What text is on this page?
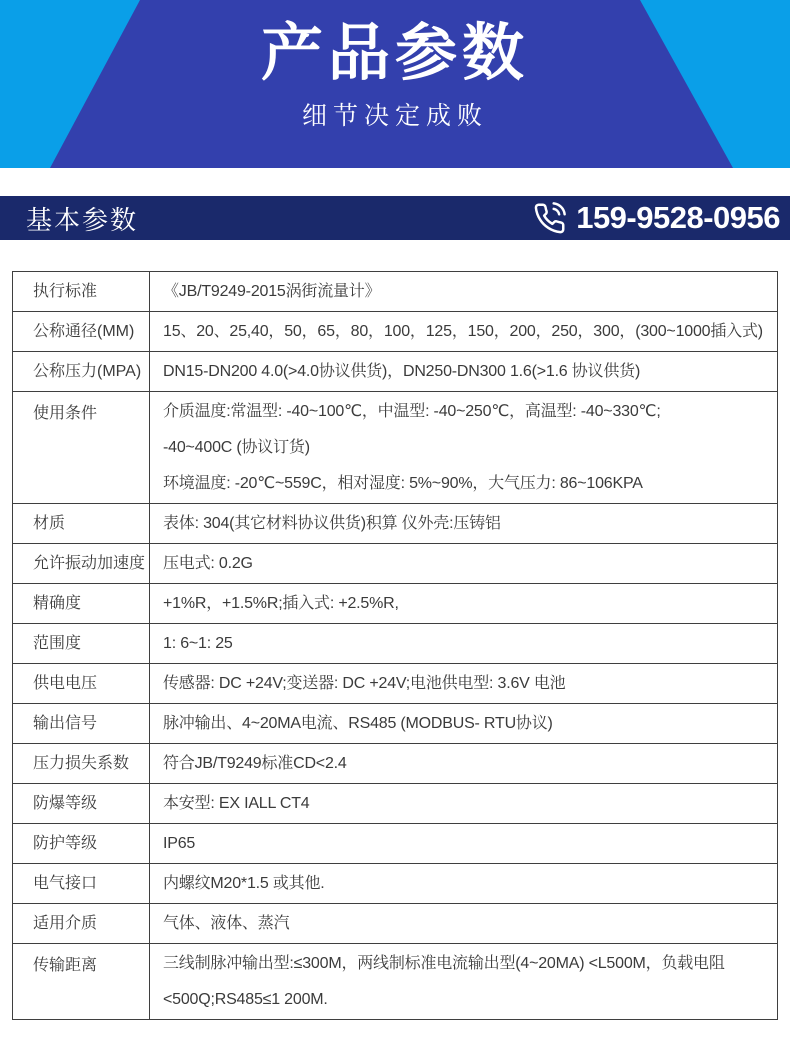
产品参数
细节决定成败
基本参数	159-9528-0956
执行标准	《JB/T9249-2015涡街流量计》

公称通径(MM)	15、20、25,40，50，65，80，100，125，150，200，250，300，(300~1000插入式)

公称压力(MPA)	DN15-DN200 4.0(>4.0协议供货)，DN250-DN300 1.6(>1.6 协议供货)

使用条件	介质温度:常温型: -40~100℃，中温型: -40~250℃，高温型: -40~330℃;
-40~400C (协议订货)
环境温度: -20℃~559C，相对湿度: 5%~90%，大气压力: 86~106KPA

材质	表体: 304(其它材料协议供货)积算 仪外壳:压铸铝

允许振动加速度	压电式: 0.2G

精确度	+1%R，+1.5%R;插入式: +2.5%R,

范围度	1: 6~1: 25

供电电压	传感器: DC +24V;变送器: DC +24V;电池供电型: 3.6V 电池

输出信号	脉冲输出、4~20MA电流、RS485 (MODBUS- RTU协议)

压力损失系数	符合JB/T9249标准CD<2.4

防爆等级	本安型: EX IALL CT4

防护等级	IP65

电气接口	内螺纹M20*1.5 或其他.

适用介质	气体、液体、蒸汽

传输距离	三线制脉冲输出型:≤300M，两线制标准电流输出型(4~20MA) <L500M，负载电阻
<500Q;RS485≤1 200M.
